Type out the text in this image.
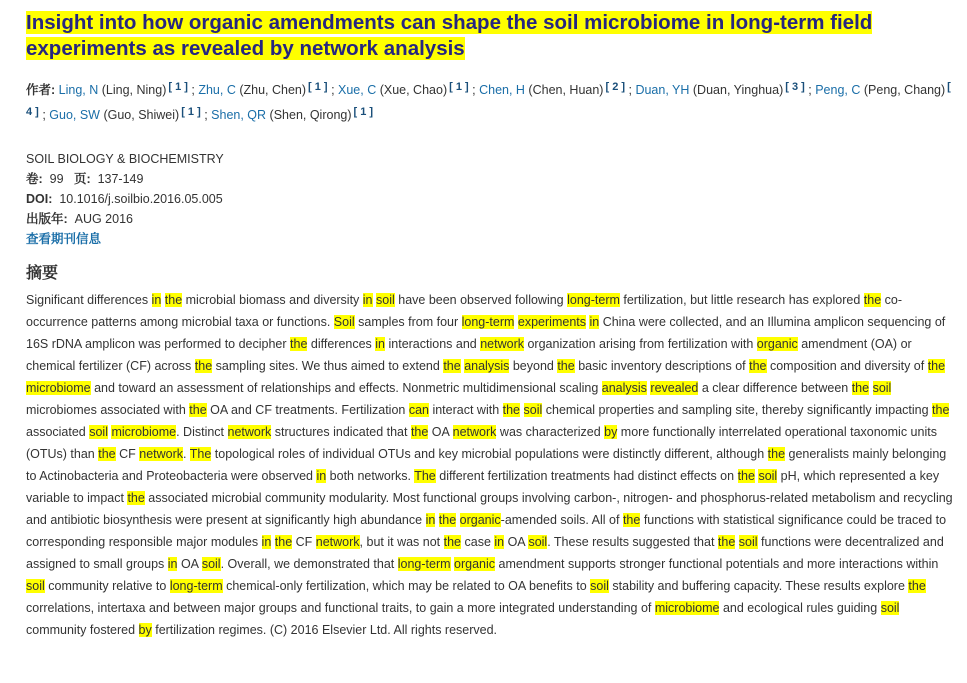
Insight into how organic amendments can shape the soil microbiome in long-term field experiments as revealed by network analysis
作者: Ling, N (Ling, Ning) [ 1 ] ; Zhu, C (Zhu, Chen) [ 1 ] ; Xue, C (Xue, Chao) [ 1 ] ; Chen, H (Chen, Huan) [ 2 ] ; Duan, YH (Duan, Yinghua) [ 3 ] ; Peng, C (Peng, Chang) [ 4 ] ; Guo, SW (Guo, Shiwei) [ 1 ] ; Shen, QR (Shen, Qirong) [ 1 ]
SOIL BIOLOGY & BIOCHEMISTRY
卷: 99 页: 137-149
DOI: 10.1016/j.soilbio.2016.05.005
出版年: AUG 2016
查看期刊信息
摘要
Significant differences in the microbial biomass and diversity in soil have been observed following long-term fertilization, but little research has explored the co-occurrence patterns among microbial taxa or functions. Soil samples from four long-term experiments in China were collected, and an Illumina amplicon sequencing of 16S rDNA amplicon was performed to decipher the differences in interactions and network organization arising from fertilization with organic amendment (OA) or chemical fertilizer (CF) across the sampling sites. We thus aimed to extend the analysis beyond the basic inventory descriptions of the composition and diversity of the microbiome and toward an assessment of relationships and effects. Nonmetric multidimensional scaling analysis revealed a clear difference between the soil microbiomes associated with the OA and CF treatments. Fertilization can interact with the soil chemical properties and sampling site, thereby significantly impacting the associated soil microbiome. Distinct network structures indicated that the OA network was characterized by more functionally interrelated operational taxonomic units (OTUs) than the CF network. The topological roles of individual OTUs and key microbial populations were distinctly different, although the generalists mainly belonging to Actinobacteria and Proteobacteria were observed in both networks. The different fertilization treatments had distinct effects on the soil pH, which represented a key variable to impact the associated microbial community modularity. Most functional groups involving carbon-, nitrogen- and phosphorus-related metabolism and recycling and antibiotic biosynthesis were present at significantly high abundance in the organic-amended soils. All of the functions with statistical significance could be traced to corresponding responsible major modules in the CF network, but it was not the case in OA soil. These results suggested that the soil functions were decentralized and assigned to small groups in OA soil. Overall, we demonstrated that long-term organic amendment supports stronger functional potentials and more interactions within soil community relative to long-term chemical-only fertilization, which may be related to OA benefits to soil stability and buffering capacity. These results explore the correlations, intertaxa and between major groups and functional traits, to gain a more integrated understanding of microbiome and ecological rules guiding soil community fostered by fertilization regimes. (C) 2016 Elsevier Ltd. All rights reserved.
